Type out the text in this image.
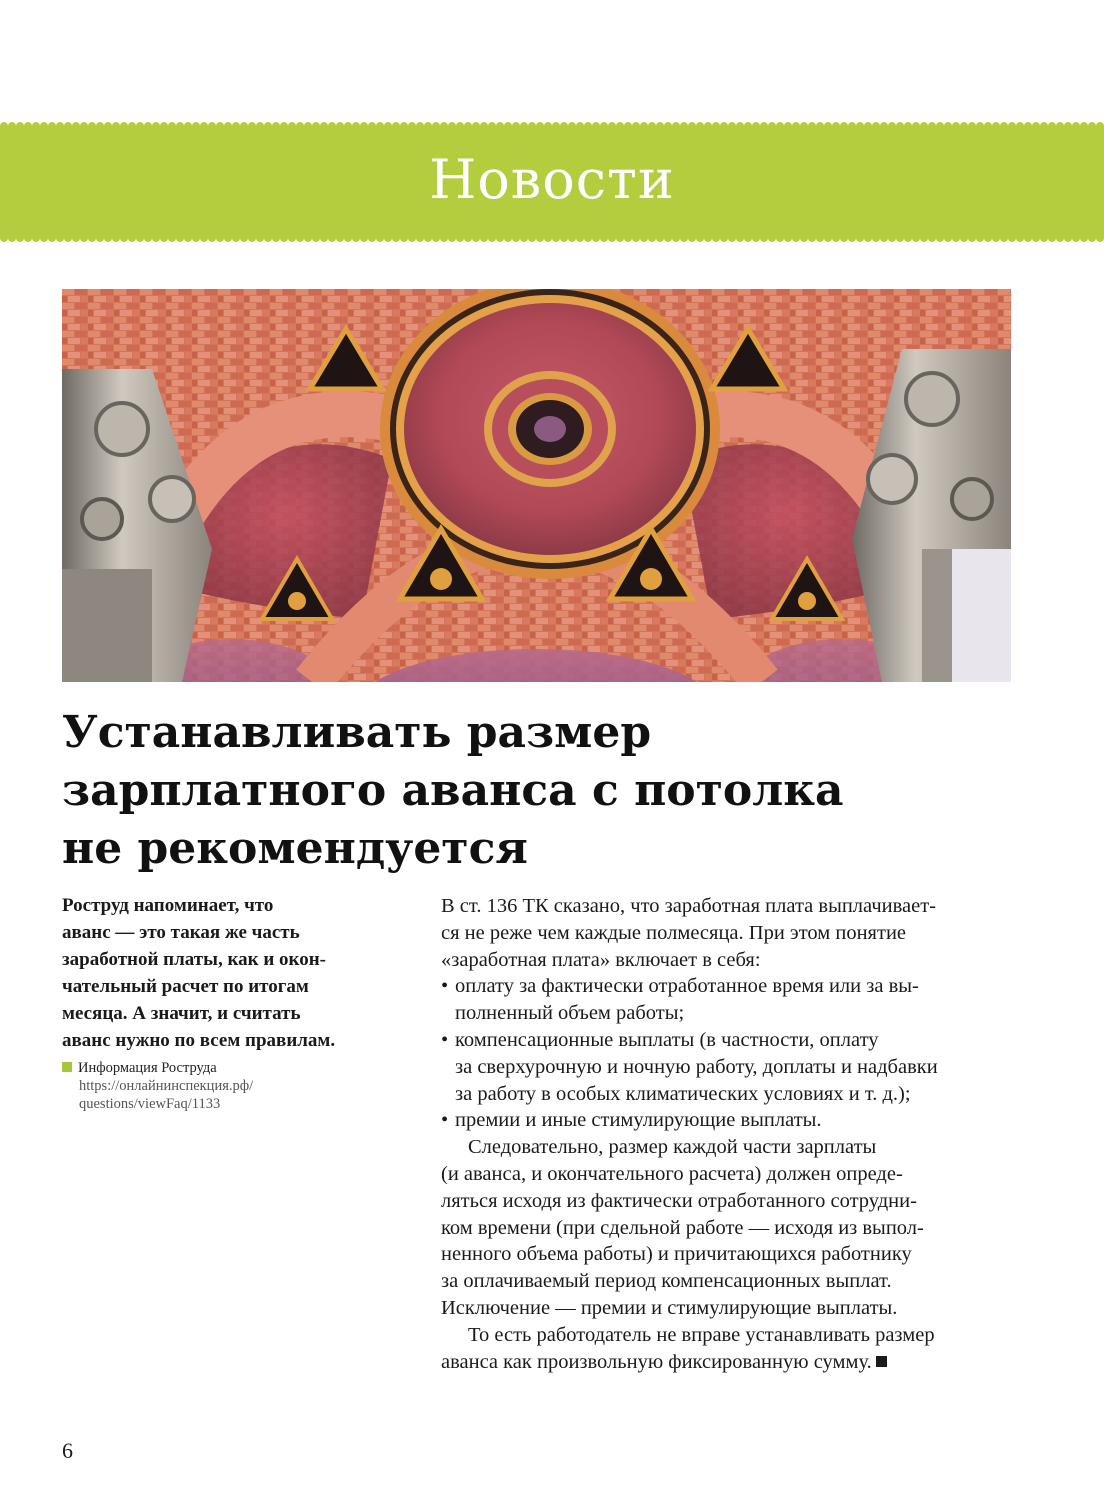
Новости
Устанавливать размер
зарплатного аванса с потолка
не рекомендуется

Роструд напоминает, что
аванс — это такая же часть
заработной платы, как и окон-
чательный расчет по итогам
месяца. А значит, и считать
аванс нужно по всем правилам.

Информация Роструда
https://онлайнинспекция.рф/
questions/viewFaq/1133
В ст. 136 ТК сказано, что заработная плата выплачивает-
ся не реже чем каждые полмесяца. При этом понятие
«заработная плата» включает в себя:
• оплату за фактически отработанное время или за вы-
полненный объем работы;
• компенсационные выплаты (в частности, оплату
за сверхурочную и ночную работу, доплаты и надбавки
за работу в особых климатических условиях и т. д.);
• премии и иные стимулирующие выплаты.
Следовательно, размер каждой части зарплаты
(и аванса, и окончательного расчета) должен опреде-
ляться исходя из фактически отработанного сотрудни-
ком времени (при сдельной работе — исходя из выпол-
ненного объема работы) и причитающихся работнику
за оплачиваемый период компенсационных выплат.
Исключение — премии и стимулирующие выплаты.
То есть работодатель не вправе устанавливать размер
аванса как произвольную фиксированную сумму.
6
